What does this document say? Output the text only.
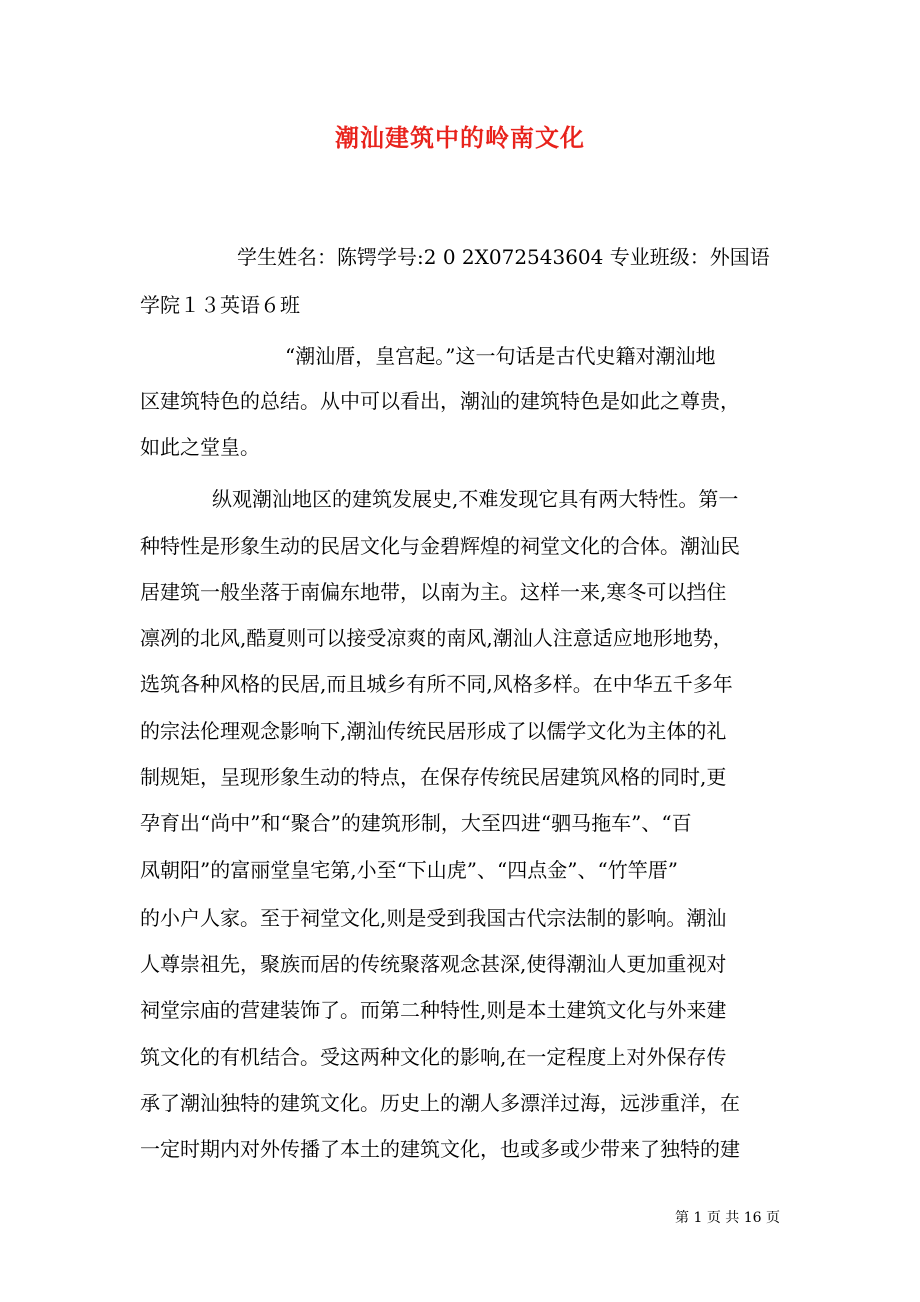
潮汕建筑中的岭南文化
学生姓名：陈锷学号:2 0 2X072543604 专业班级：外国语
学院１３英语６班
“潮汕厝，皇宫起。”这一句话是古代史籍对潮汕地
区建筑特色的总结。从中可以看出，潮汕的建筑特色是如此之尊贵，
如此之堂皇。
纵观潮汕地区的建筑发展史,不难发现它具有两大特性。第一
种特性是形象生动的民居文化与金碧辉煌的祠堂文化的合体。潮汕民
居建筑一般坐落于南偏东地带，以南为主。这样一来,寒冬可以挡住
凛冽的北风,酷夏则可以接受凉爽的南风,潮汕人注意适应地形地势，
选筑各种风格的民居,而且城乡有所不同,风格多样。在中华五千多年
的宗法伦理观念影响下,潮汕传统民居形成了以儒学文化为主体的礼
制规矩，呈现形象生动的特点，在保存传统民居建筑风格的同时,更
孕育出“尚中”和“聚合”的建筑形制，大至四进“驷马拖车”、“百
凤朝阳”的富丽堂皇宅第,小至“下山虎”、“四点金”、“竹竿厝”
的小户人家。至于祠堂文化,则是受到我国古代宗法制的影响。潮汕
人尊崇祖先，聚族而居的传统聚落观念甚深,使得潮汕人更加重视对
祠堂宗庙的营建装饰了。而第二种特性,则是本土建筑文化与外来建
筑文化的有机结合。受这两种文化的影响,在一定程度上对外保存传
承了潮汕独特的建筑文化。历史上的潮人多漂洋过海，远涉重洋，在
一定时期内对外传播了本土的建筑文化，也或多或少带来了独特的建
第 1 页 共 16 页
